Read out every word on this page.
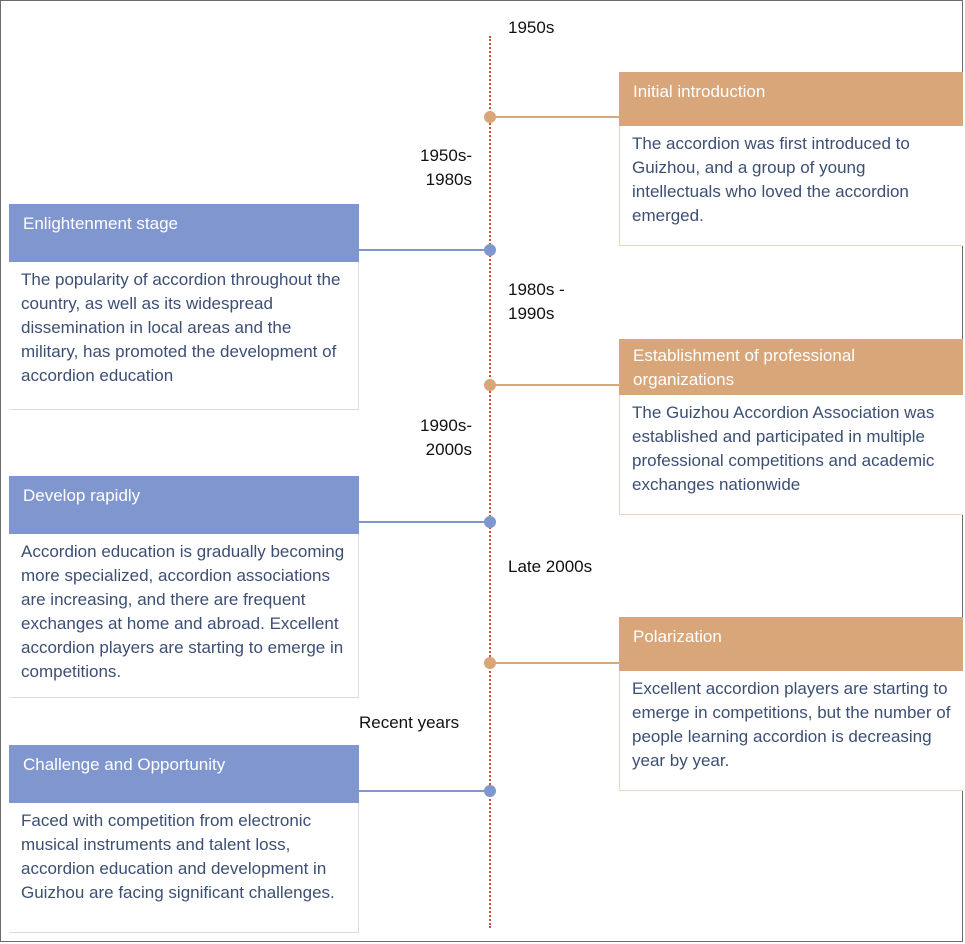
1950s
1950s-
1980s
1980s -
1990s
1990s-
2000s
Late 2000s
Recent years
Initial introduction
The accordion was first introduced to Guizhou, and a group of young intellectuals who loved the accordion emerged.
Establishment of professional organizations
The Guizhou Accordion Association was established and participated in multiple professional competitions and academic exchanges nationwide
Polarization
Excellent accordion players are starting to emerge in competitions, but the number of people learning accordion is decreasing year by year.
Enlightenment stage
The popularity of accordion throughout the country, as well as its widespread dissemination in local areas and the military, has promoted the development of accordion education
Develop rapidly
Accordion education is gradually becoming more specialized, accordion associations are increasing, and there are frequent exchanges at home and abroad. Excellent accordion players are starting to emerge in competitions.
Challenge and Opportunity
Faced with competition from electronic musical instruments and talent loss, accordion education and development in Guizhou are facing significant challenges.
